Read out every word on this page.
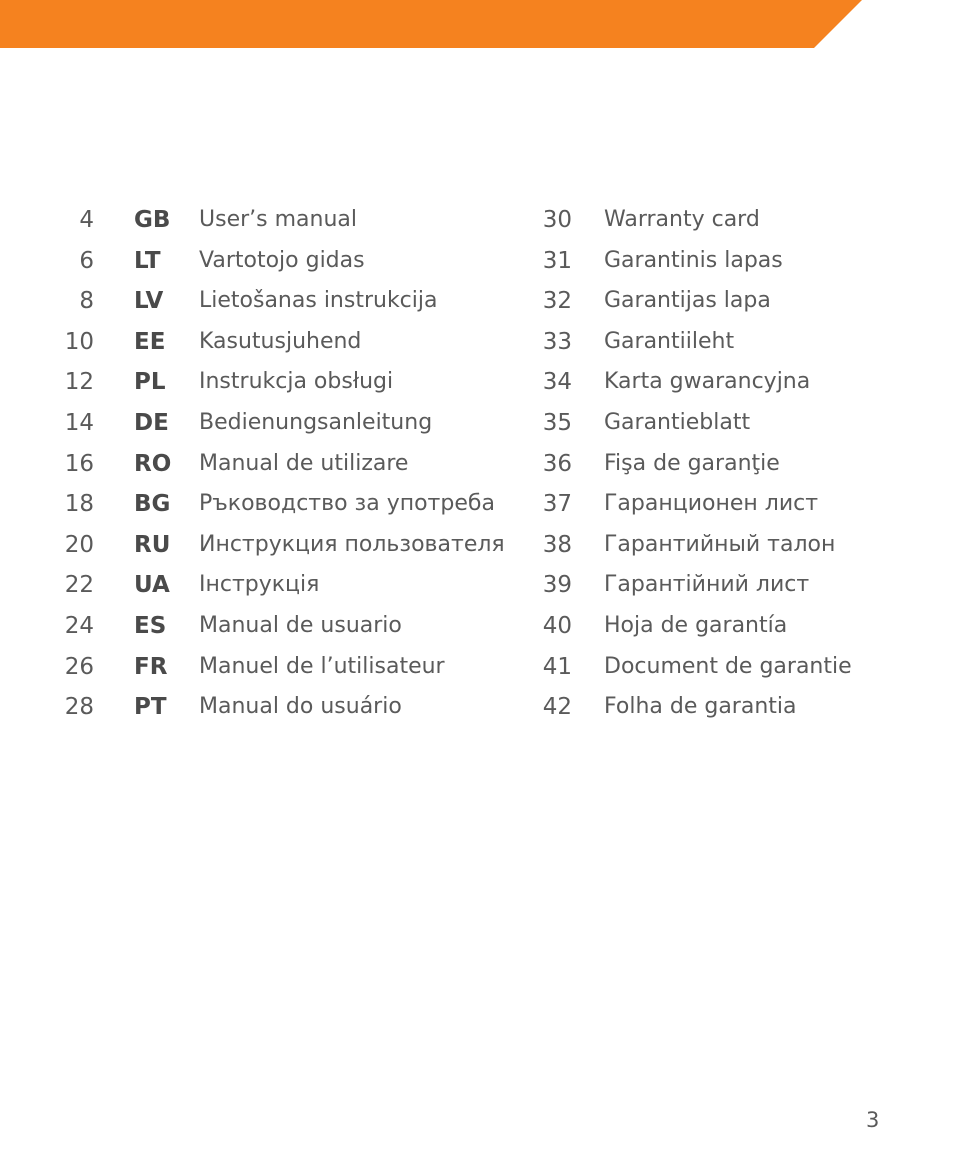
4 GB User’s manual
6 LT Vartotojo gidas
8 LV Lietošanas instrukcija
10 EE Kasutusjuhend
12 PL Instrukcja obsługi
14 DE Bedienungsanleitung
16 RO Manual de utilizare
18 BG Ръководство за употреба
20 RU Инструкция пользователя
22 UA Інструкція
24 ES Manual de usuario
26 FR Manuel de l’utilisateur
28 PT Manual do usuário
30 Warranty card
31 Garantinis lapas
32 Garantijas lapa
33 Garantiileht
34 Karta gwarancyjna
35 Garantieblatt
36 Fişa de garanţie
37 Гаранционен лист
38 Гарантийный талон
39 Гарантійний лист
40 Hoja de garantía
41 Document de garantie
42 Folha de garantia
3
